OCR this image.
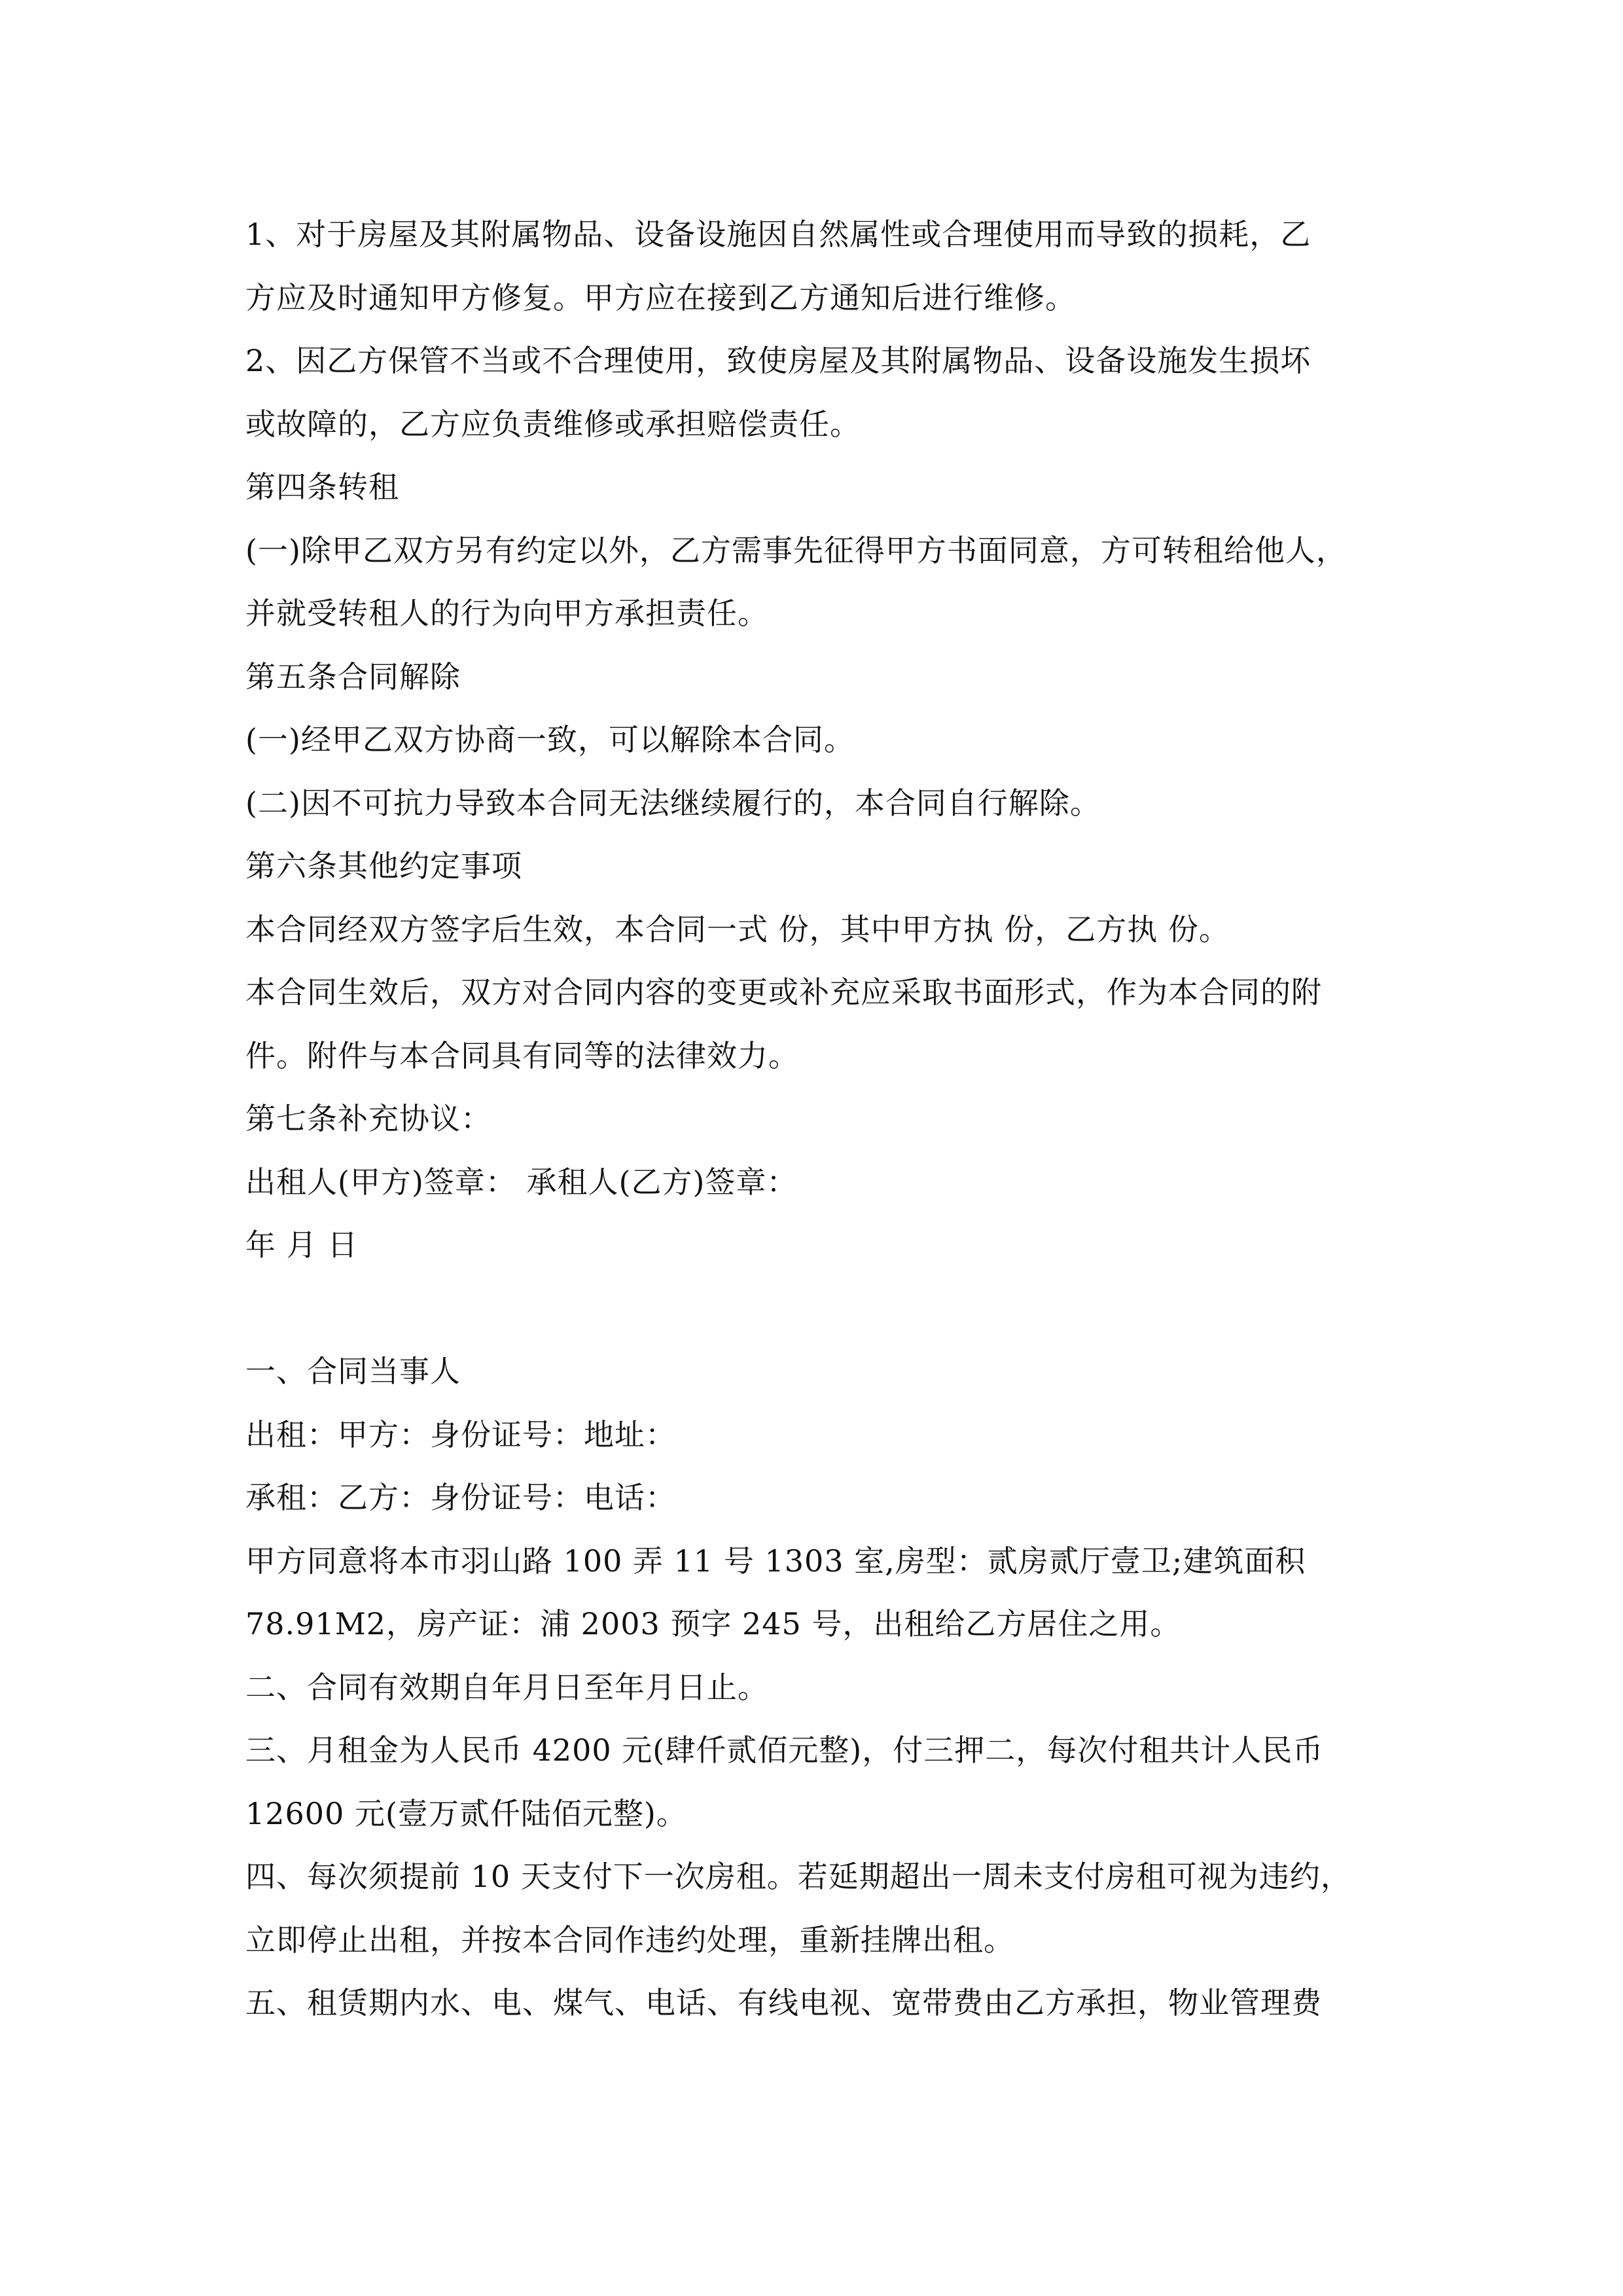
1、对于房屋及其附属物品、设备设施因自然属性或合理使用而导致的损耗，乙
方应及时通知甲方修复。甲方应在接到乙方通知后进行维修。
2、因乙方保管不当或不合理使用，致使房屋及其附属物品、设备设施发生损坏
或故障的，乙方应负责维修或承担赔偿责任。
第四条转租
(一)除甲乙双方另有约定以外，乙方需事先征得甲方书面同意，方可转租给他人，
并就受转租人的行为向甲方承担责任。
第五条合同解除
(一)经甲乙双方协商一致，可以解除本合同。
(二)因不可抗力导致本合同无法继续履行的，本合同自行解除。
第六条其他约定事项
本合同经双方签字后生效，本合同一式 份，其中甲方执 份，乙方执 份。
本合同生效后，双方对合同内容的变更或补充应采取书面形式，作为本合同的附
件。附件与本合同具有同等的法律效力。
第七条补充协议：
出租人(甲方)签章： 承租人(乙方)签章：
年 月 日
一、合同当事人
出租：甲方：身份证号：地址：
承租：乙方：身份证号：电话：
甲方同意将本市羽山路 100 弄 11 号 1303 室,房型：贰房贰厅壹卫;建筑面积
78.91M2，房产证：浦 2003 预字 245 号，出租给乙方居住之用。
二、合同有效期自年月日至年月日止。
三、月租金为人民币 4200 元(肆仟贰佰元整)，付三押二，每次付租共计人民币
12600 元(壹万贰仟陆佰元整)。
四、每次须提前 10 天支付下一次房租。若延期超出一周未支付房租可视为违约，
立即停止出租，并按本合同作违约处理，重新挂牌出租。
五、租赁期内水、电、煤气、电话、有线电视、宽带费由乙方承担，物业管理费
